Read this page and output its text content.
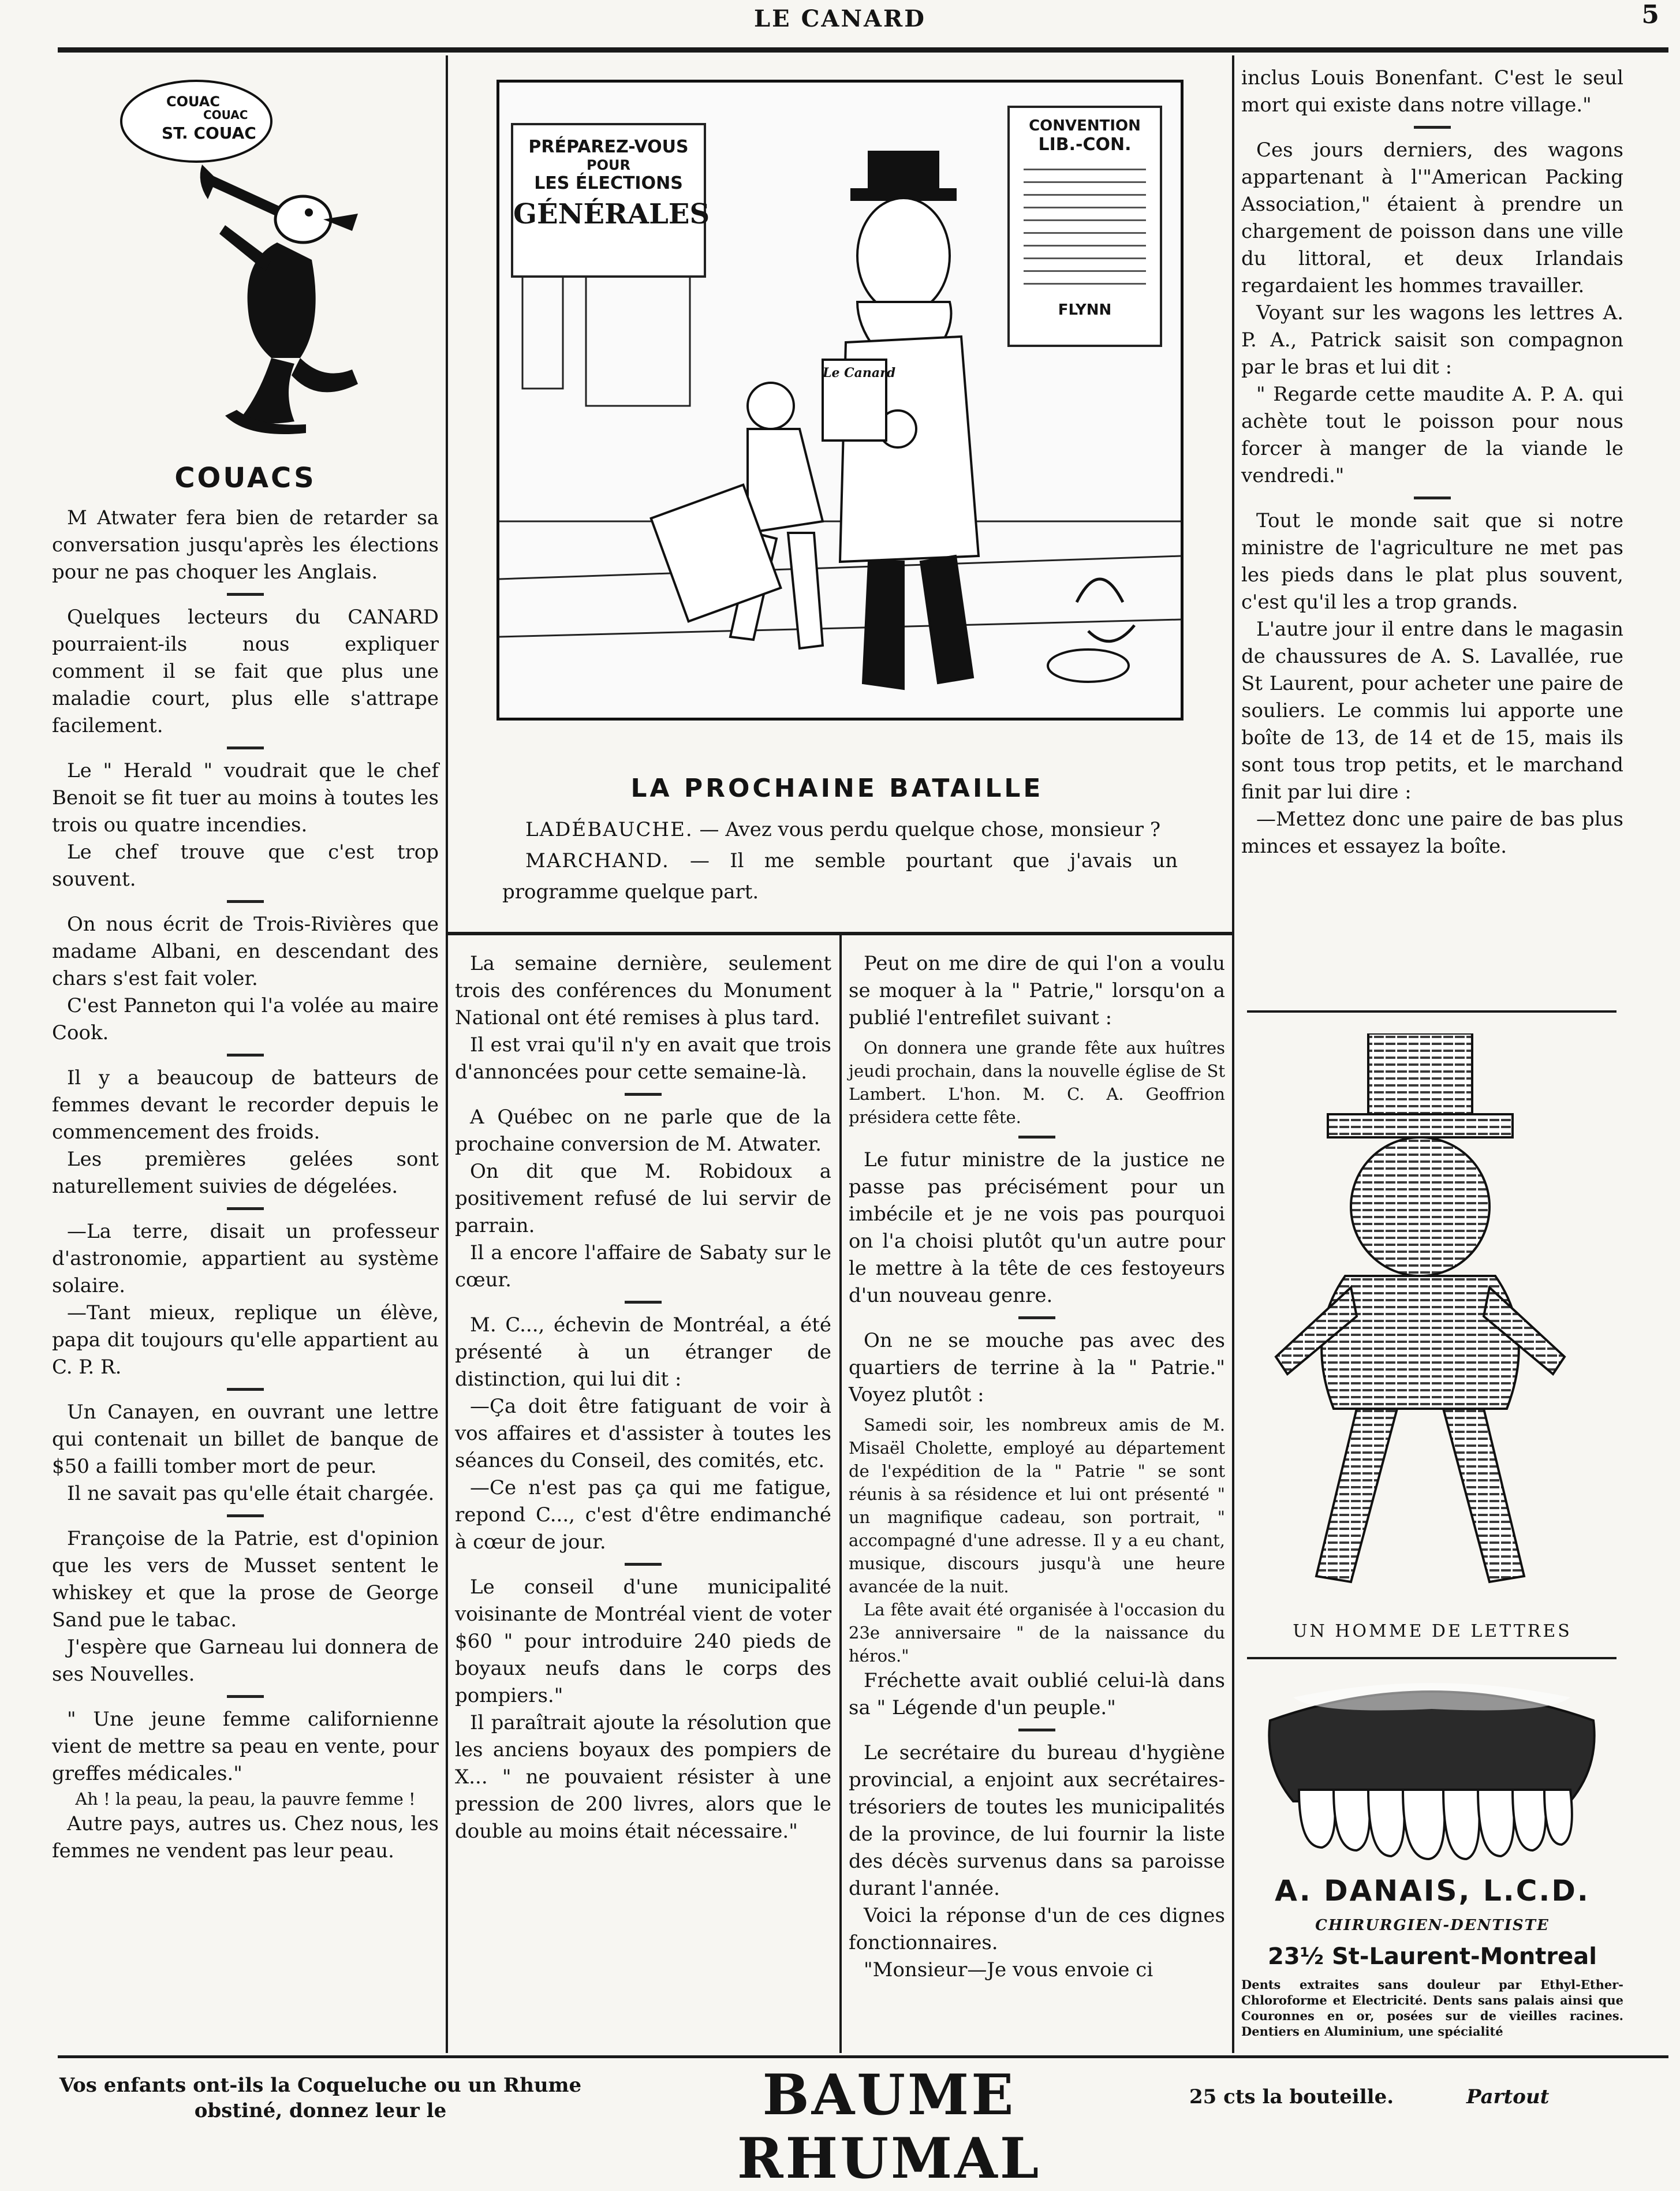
LE CANARD	5
COUAC
COUAC
ST. COUAC
COUACS

M Atwater fera bien de retarder sa conversation jusqu'après les élections pour ne pas choquer les Anglais.

Quelques lecteurs du CANARD pourraient-ils nous expliquer comment il se fait que plus une maladie court, plus elle s'attrape facilement.

Le " Herald " voudrait que le chef Benoit se fit tuer au moins à toutes les trois ou quatre incendies.

Le chef trouve que c'est trop souvent.

On nous écrit de Trois-Rivières que madame Albani, en descendant des chars s'est fait voler.

C'est Panneton qui l'a volée au maire Cook.

Il y a beaucoup de batteurs de femmes devant le recorder depuis le commencement des froids.

Les premières gelées sont naturellement suivies de dégelées.

—La terre, disait un professeur d'astronomie, appartient au système solaire.

—Tant mieux, replique un élève, papa dit toujours qu'elle appartient au C. P. R.

Un Canayen, en ouvrant une lettre qui contenait un billet de banque de $50 a failli tomber mort de peur.

Il ne savait pas qu'elle était chargée.

Françoise de la Patrie, est d'opinion que les vers de Musset sentent le whiskey et que la prose de George Sand pue le tabac.

J'espère que Garneau lui donnera de ses Nouvelles.

" Une jeune femme californienne vient de mettre sa peau en vente, pour greffes médicales."

Ah ! la peau, la peau, la pauvre femme !

Autre pays, autres us. Chez nous, les femmes ne vendent pas leur peau.

PRÉPAREZ-VOUS
POUR
LES ÉLECTIONS
GÉNÉRALES
CONVENTION
LIB.-CON.
FLYNN
Le Canard
LA PROCHAINE BATAILLE
LADÉBAUCHE. — Avez vous perdu quelque chose, monsieur ?
MARCHAND. — Il me semble pourtant que j'avais un programme quelque part.

La semaine dernière, seulement trois des conférences du Monument National ont été remises à plus tard.

Il est vrai qu'il n'y en avait que trois d'annoncées pour cette semaine-là.

A Québec on ne parle que de la prochaine conversion de M. Atwater.

On dit que M. Robidoux a positivement refusé de lui servir de parrain.

Il a encore l'affaire de Sabaty sur le cœur.

M. C..., échevin de Montréal, a été présenté à un étranger de distinction, qui lui dit :

—Ça doit être fatiguant de voir à vos affaires et d'assister à toutes les séances du Conseil, des comités, etc.

—Ce n'est pas ça qui me fatigue, repond C..., c'est d'être endimanché à cœur de jour.

Le conseil d'une municipalité voisinante de Montréal vient de voter $60 " pour introduire 240 pieds de boyaux neufs dans le corps des pompiers."

Il paraîtrait ajoute la résolution que les anciens boyaux des pompiers de X... " ne pouvaient résister à une pression de 200 livres, alors que le double au moins était nécessaire."

Peut on me dire de qui l'on a voulu se moquer à la " Patrie," lorsqu'on a publié l'entrefilet suivant :

On donnera une grande fête aux huîtres jeudi prochain, dans la nouvelle église de St Lambert. L'hon. M. C. A. Geoffrion présidera cette fête.

Le futur ministre de la justice ne passe pas précisément pour un imbécile et je ne vois pas pourquoi on l'a choisi plutôt qu'un autre pour le mettre à la tête de ces festoyeurs d'un nouveau genre.

On ne se mouche pas avec des quartiers de terrine à la " Patrie." Voyez plutôt :

Samedi soir, les nombreux amis de M. Misaël Cholette, employé au département de l'expédition de la " Patrie " se sont réunis à sa résidence et lui ont présenté " un magnifique cadeau, son portrait, " accompagné d'une adresse. Il y a eu chant, musique, discours jusqu'à une heure avancée de la nuit.

La fête avait été organisée à l'occasion du 23e anniversaire " de la naissance du héros."

Fréchette avait oublié celui-là dans sa " Légende d'un peuple."

Le secrétaire du bureau d'hygiène provincial, a enjoint aux secrétaires-trésoriers de toutes les municipalités de la province, de lui fournir la liste des décès survenus dans sa paroisse durant l'année.

Voici la réponse d'un de ces dignes fonctionnaires.

"Monsieur—Je vous envoie ci

inclus Louis Bonenfant. C'est le seul mort qui existe dans notre village."

Ces jours derniers, des wagons appartenant à l'"American Packing Association," étaient à prendre un chargement de poisson dans une ville du littoral, et deux Irlandais regardaient les hommes travailler.

Voyant sur les wagons les lettres A. P. A., Patrick saisit son compagnon par le bras et lui dit :

" Regarde cette maudite A. P. A. qui achète tout le poisson pour nous forcer à manger de la viande le vendredi."

Tout le monde sait que si notre ministre de l'agriculture ne met pas les pieds dans le plat plus souvent, c'est qu'il les a trop grands.

L'autre jour il entre dans le magasin de chaussures de A. S. Lavallée, rue St Laurent, pour acheter une paire de souliers. Le commis lui apporte une boîte de 13, de 14 et de 15, mais ils sont tous trop petits, et le marchand finit par lui dire :

—Mettez donc une paire de bas plus minces et essayez la boîte.

UN HOMME DE LETTRES
A. DANAIS, L.C.D.
CHIRURGIEN-DENTISTE
23½ St-Laurent-Montreal
Dents extraites sans douleur par Ethyl-Ether-Chloroforme et Electricité. Dents sans palais ainsi que Couronnes en or, posées sur de vieilles racines. Dentiers en Aluminium, une spécialité
Vos enfants ont-ils la Coqueluche ou un Rhume obstiné, donnez leur le	BAUME RHUMAL
25 cts la bouteille.	Partout
